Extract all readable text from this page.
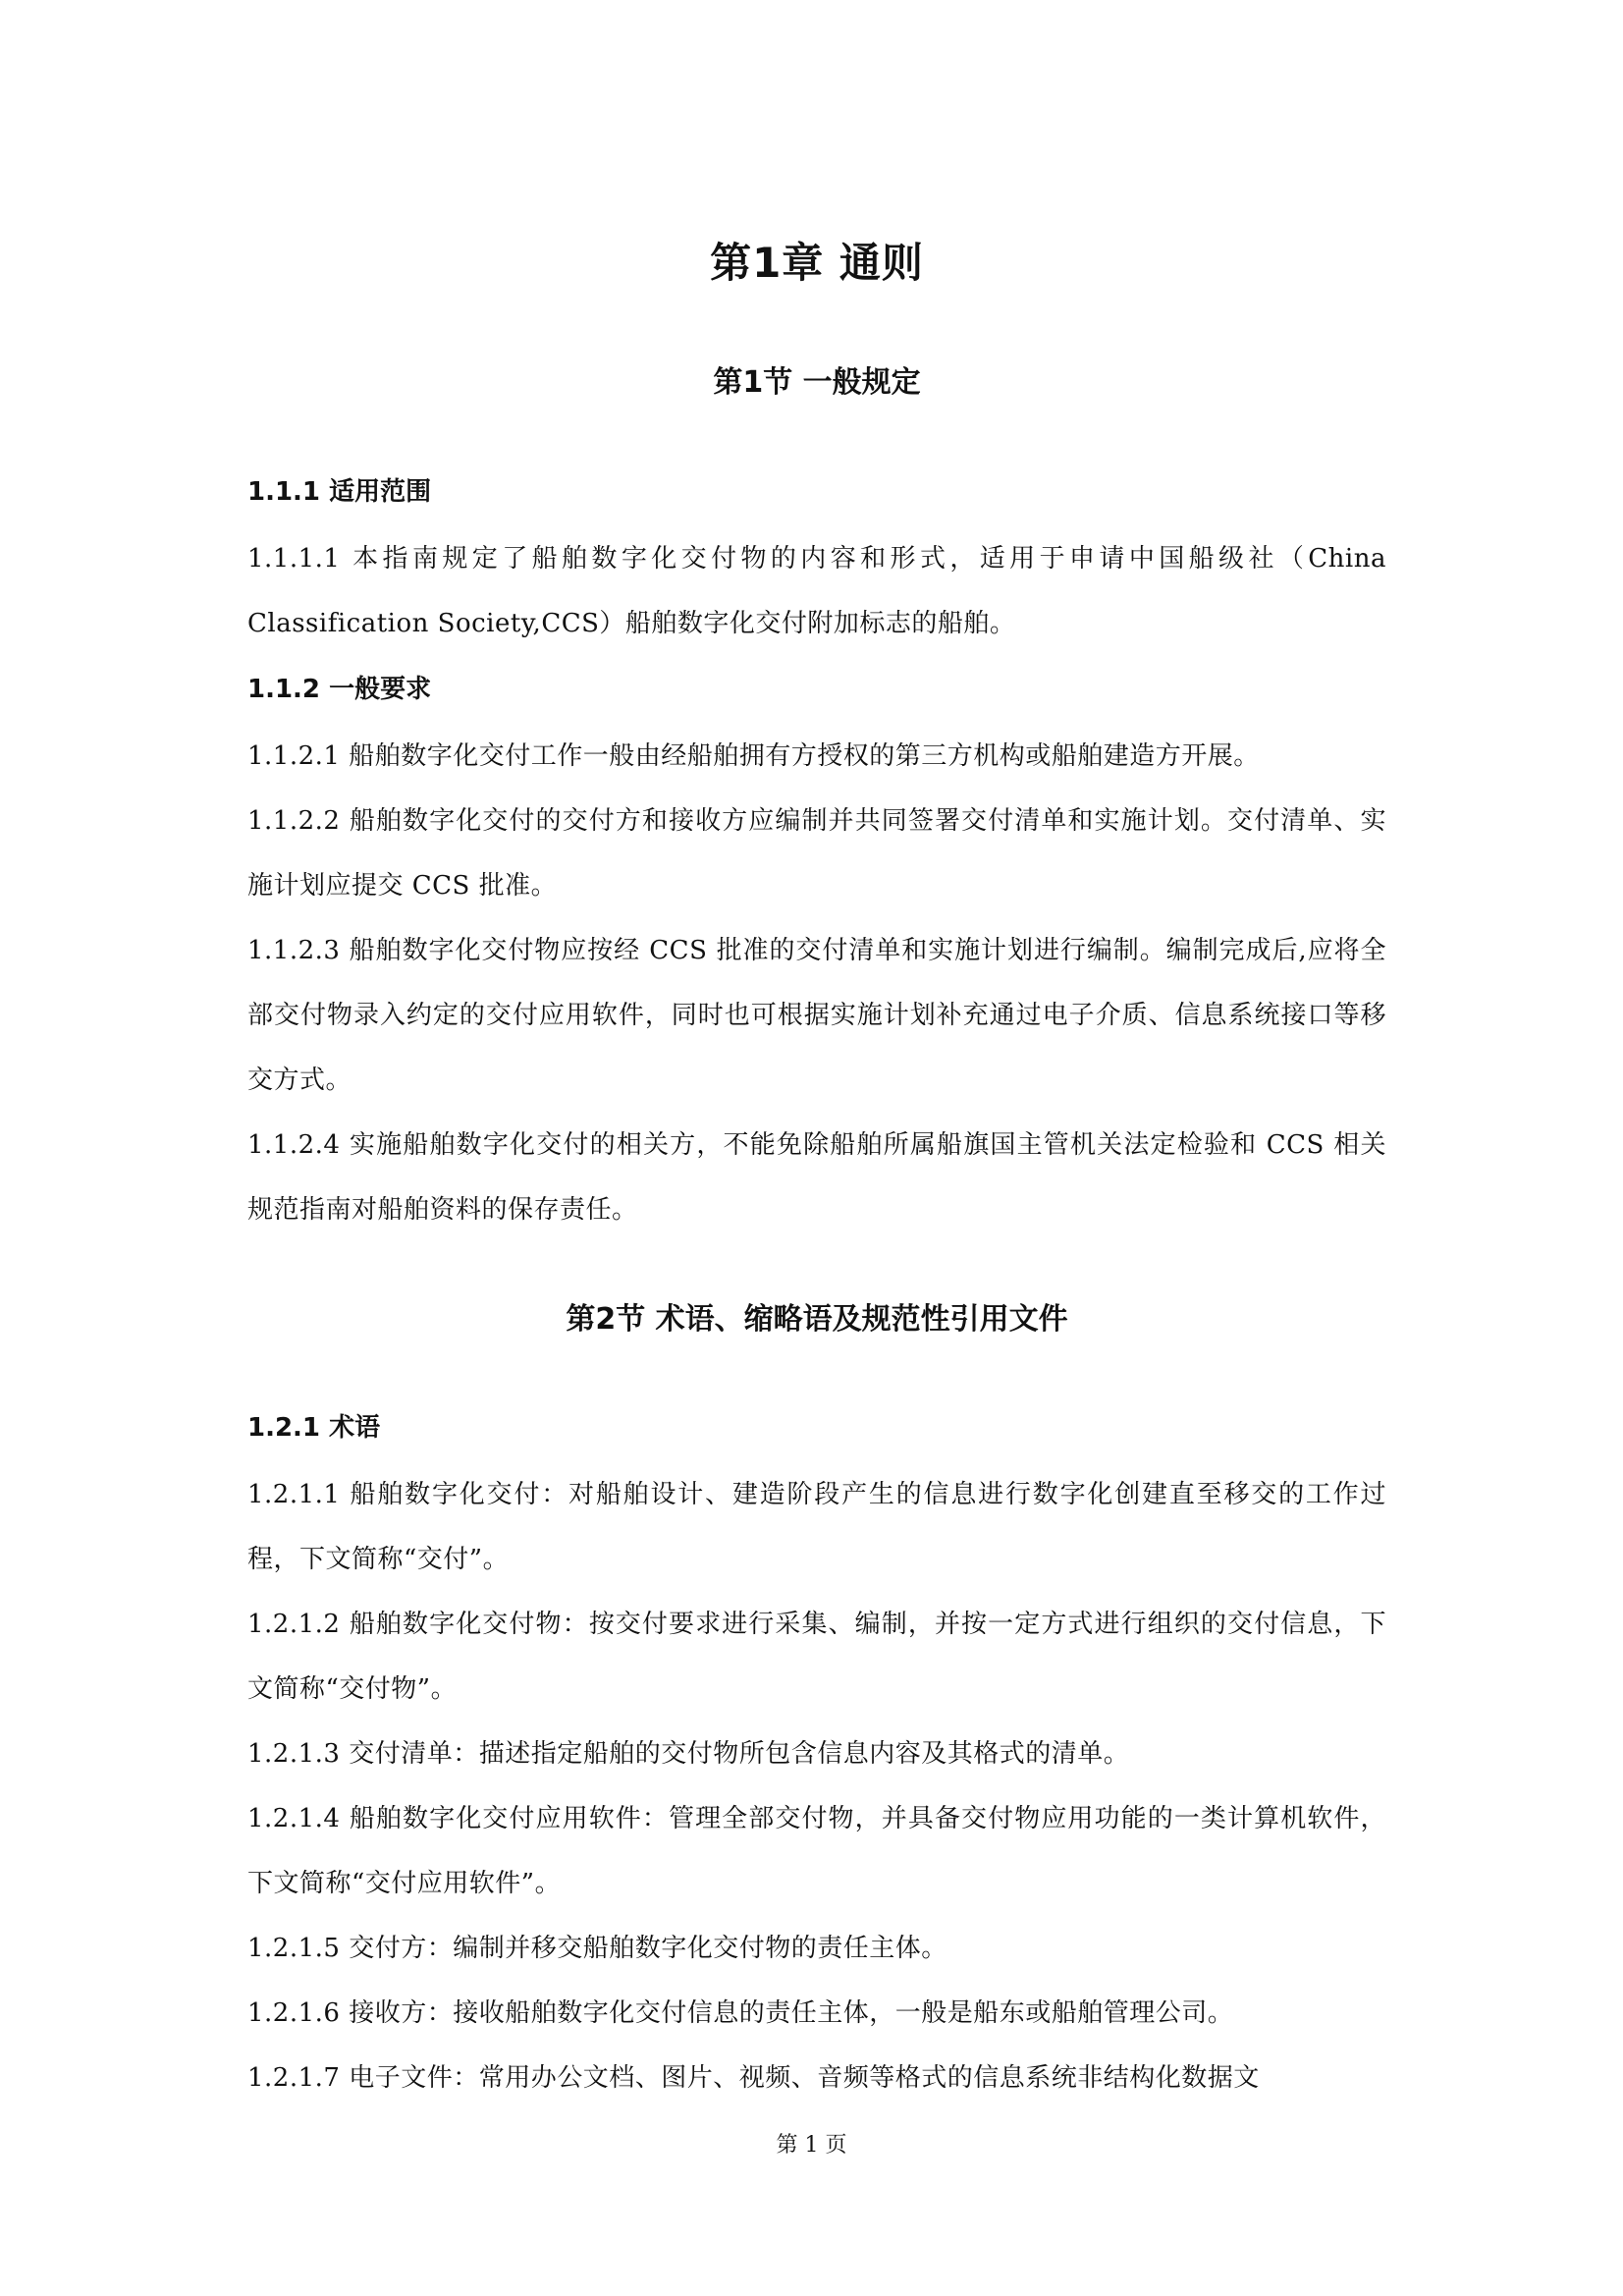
第1章 通则
第1节 一般规定
1.1.1 适用范围
1.1.1.1 本指南规定了船舶数字化交付物的内容和形式，适用于申请中国船级社（China Classification Society,CCS）船舶数字化交付附加标志的船舶。
1.1.2 一般要求
1.1.2.1 船舶数字化交付工作一般由经船舶拥有方授权的第三方机构或船舶建造方开展。
1.1.2.2 船舶数字化交付的交付方和接收方应编制并共同签署交付清单和实施计划。交付清单、实施计划应提交 CCS 批准。
1.1.2.3 船舶数字化交付物应按经 CCS 批准的交付清单和实施计划进行编制。编制完成后,应将全部交付物录入约定的交付应用软件，同时也可根据实施计划补充通过电子介质、信息系统接口等移交方式。
1.1.2.4 实施船舶数字化交付的相关方，不能免除船舶所属船旗国主管机关法定检验和 CCS 相关规范指南对船舶资料的保存责任。
第2节 术语、缩略语及规范性引用文件
1.2.1 术语
1.2.1.1 船舶数字化交付：对船舶设计、建造阶段产生的信息进行数字化创建直至移交的工作过程，下文简称“交付”。
1.2.1.2 船舶数字化交付物：按交付要求进行采集、编制，并按一定方式进行组织的交付信息，下文简称“交付物”。
1.2.1.3 交付清单：描述指定船舶的交付物所包含信息内容及其格式的清单。
1.2.1.4 船舶数字化交付应用软件：管理全部交付物，并具备交付物应用功能的一类计算机软件，下文简称“交付应用软件”。
1.2.1.5 交付方：编制并移交船舶数字化交付物的责任主体。
1.2.1.6 接收方：接收船舶数字化交付信息的责任主体，一般是船东或船舶管理公司。
1.2.1.7 电子文件：常用办公文档、图片、视频、音频等格式的信息系统非结构化数据文
第 1 页
